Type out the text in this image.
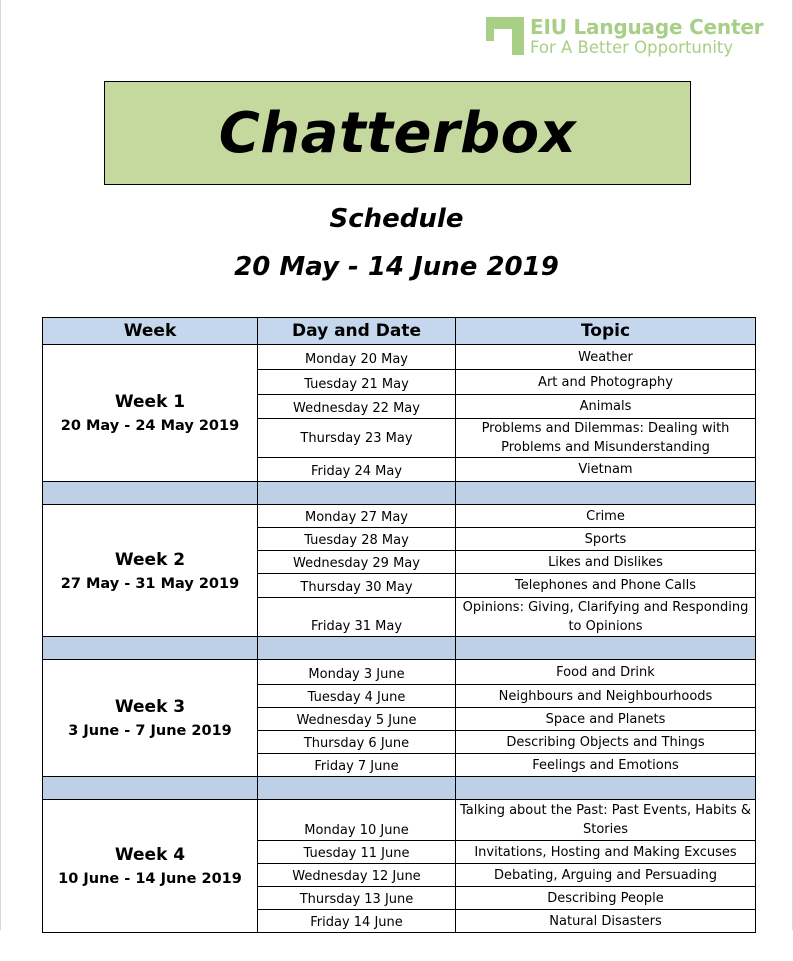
EIU Language Center
For A Better Opportunity
Chatterbox
Schedule
20 May - 14 June 2019
Week	Day and Date	Topic

Week 1
20 May - 24 May 2019	Monday 20 May	Weather
	Tuesday 21 May	Art and Photography
	Wednesday 22 May	Animals
	Thursday 23 May	Problems and Dilemmas: Dealing with Problems and Misunderstanding
	Friday 24 May	Vietnam

Week 2
27 May - 31 May 2019	Monday 27 May	Crime
	Tuesday 28 May	Sports
	Wednesday 29 May	Likes and Dislikes
	Thursday 30 May	Telephones and Phone Calls
	Friday 31 May	Opinions: Giving, Clarifying and Responding to Opinions

Week 3
3 June - 7 June 2019	Monday 3 June	Food and Drink
	Tuesday 4 June	Neighbours and Neighbourhoods
	Wednesday 5 June	Space and Planets
	Thursday 6 June	Describing Objects and Things
	Friday 7 June	Feelings and Emotions

Week 4
10 June - 14 June 2019	Monday 10 June	Talking about the Past: Past Events, Habits & Stories
	Tuesday 11 June	Invitations, Hosting and Making Excuses
	Wednesday 12 June	Debating, Arguing and Persuading
	Thursday 13 June	Describing People
	Friday 14 June	Natural Disasters
